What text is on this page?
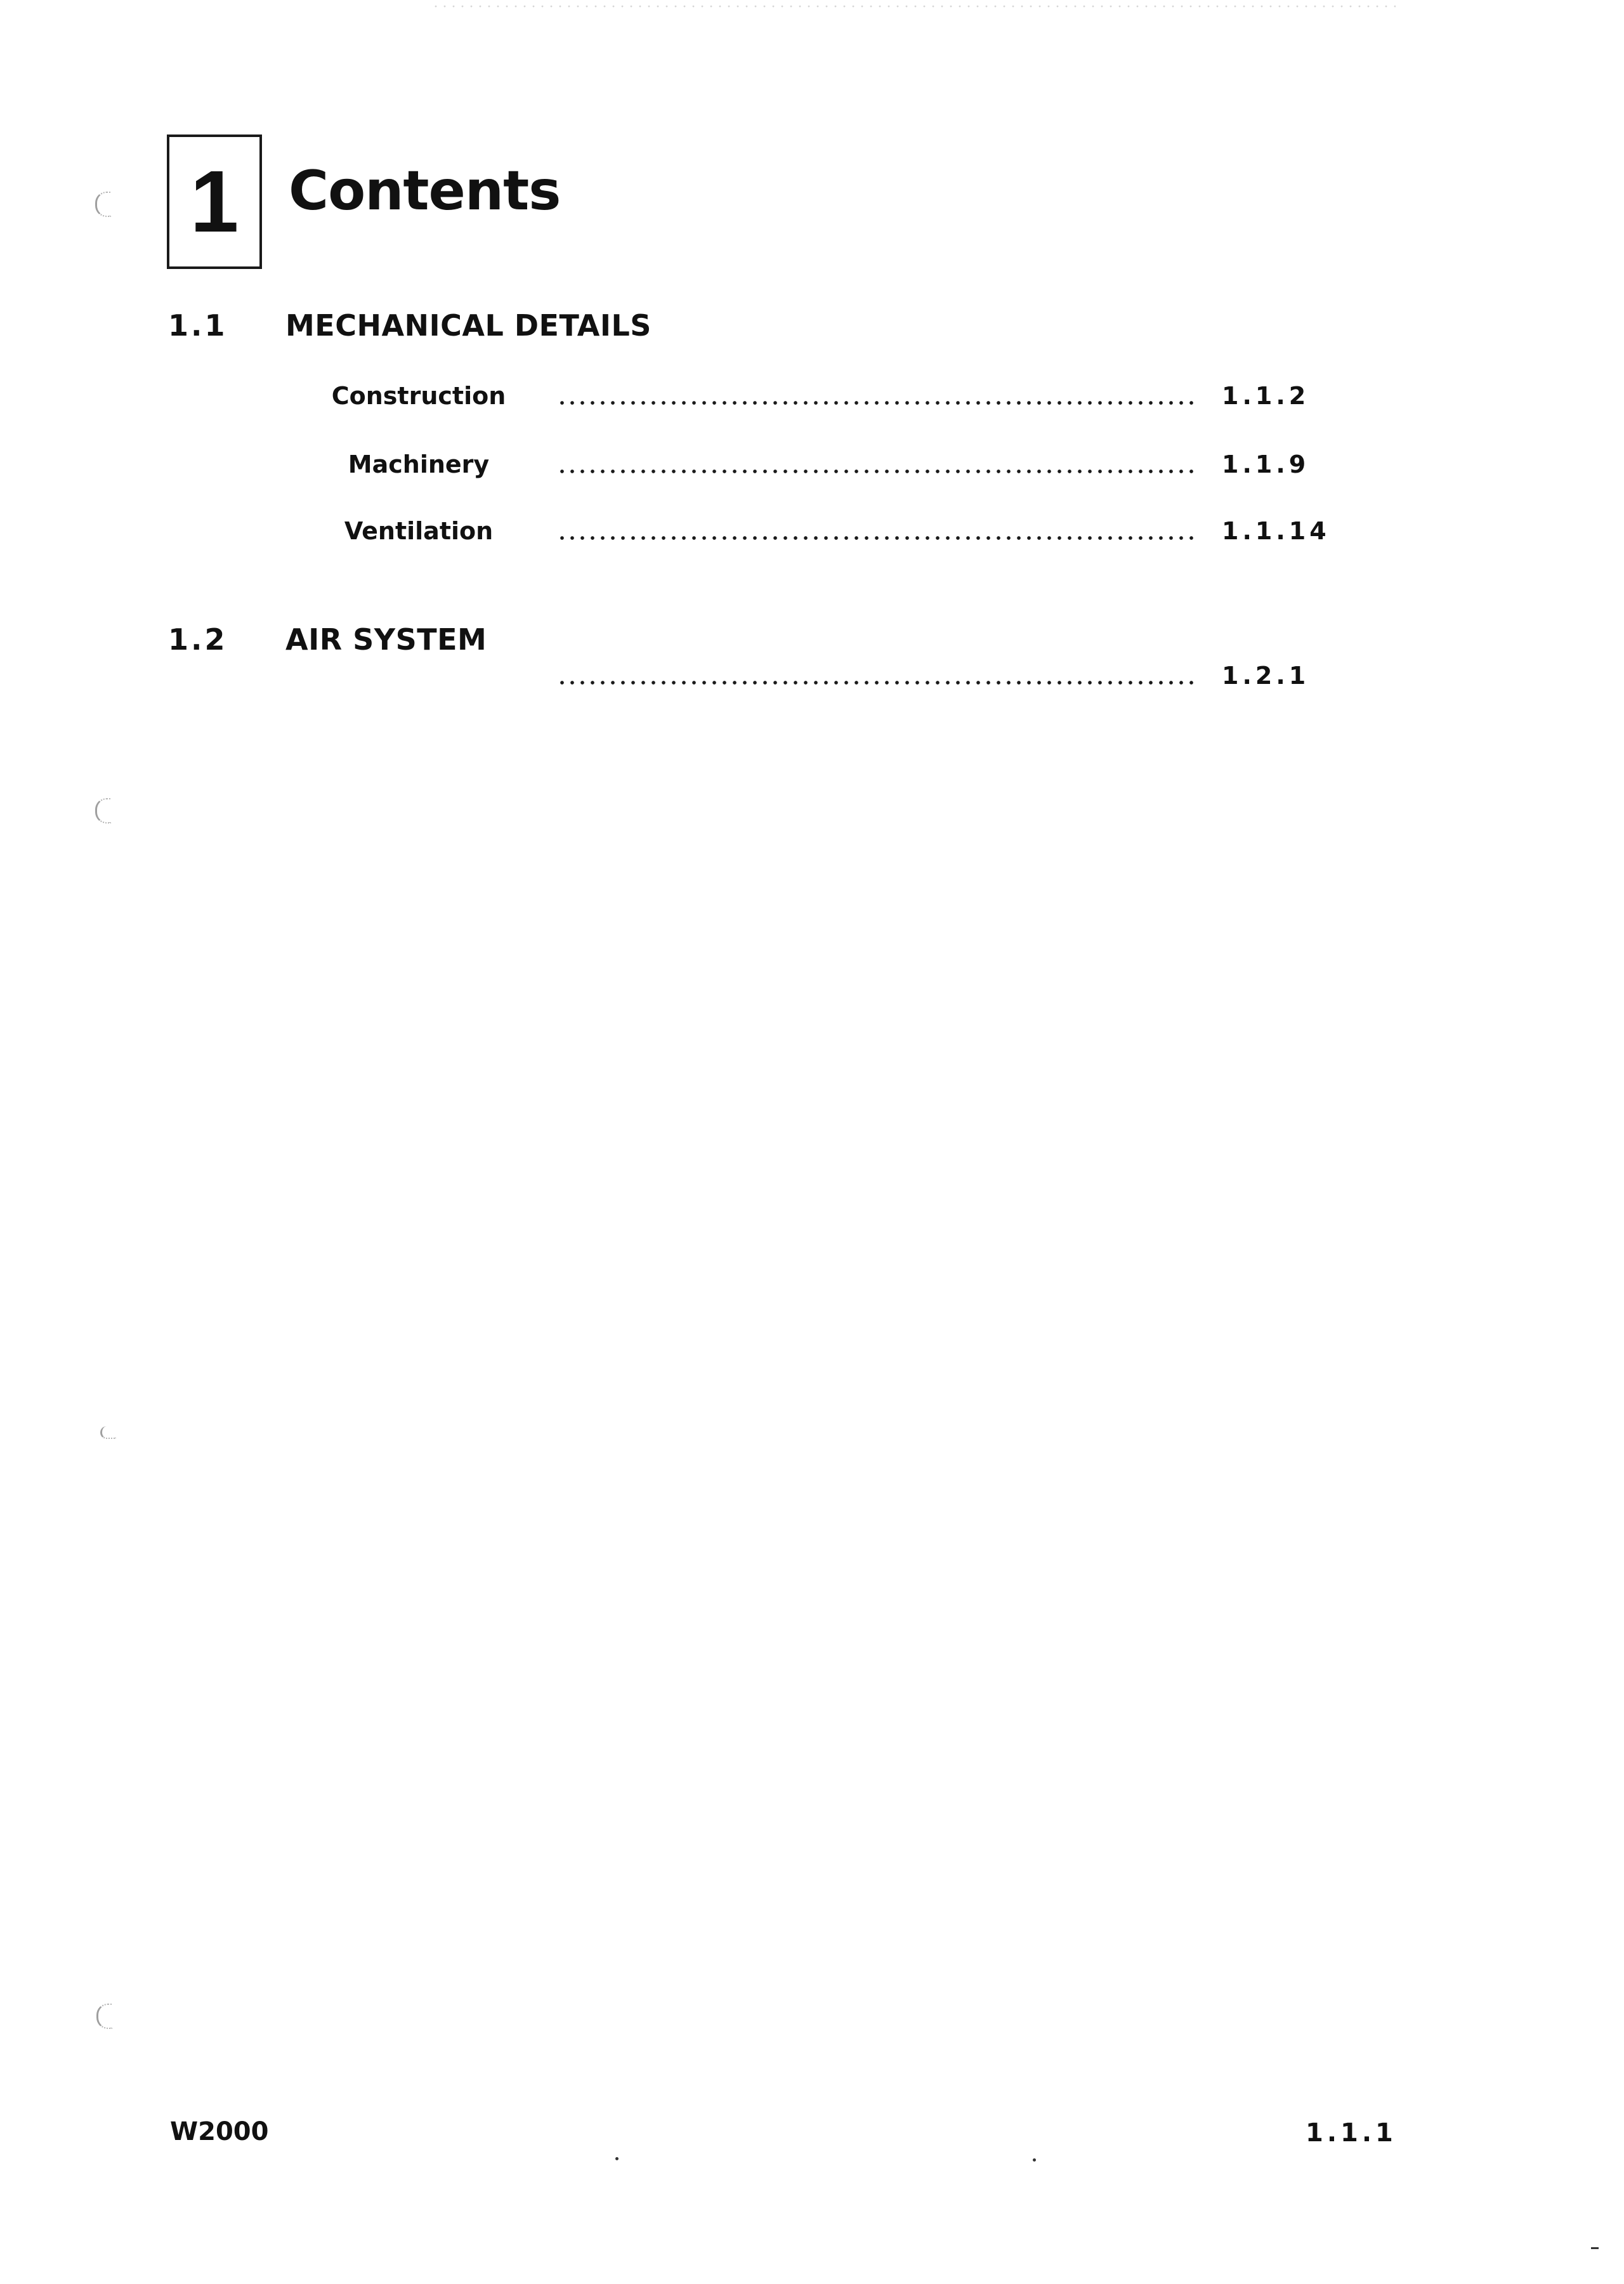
1 Contents
1.1 MECHANICAL DETAILS
Construction	1.1.2
Machinery	1.1.9
Ventilation	1.1.14
1.2 AIR SYSTEM
1.2.1
W2000	1.1.1
